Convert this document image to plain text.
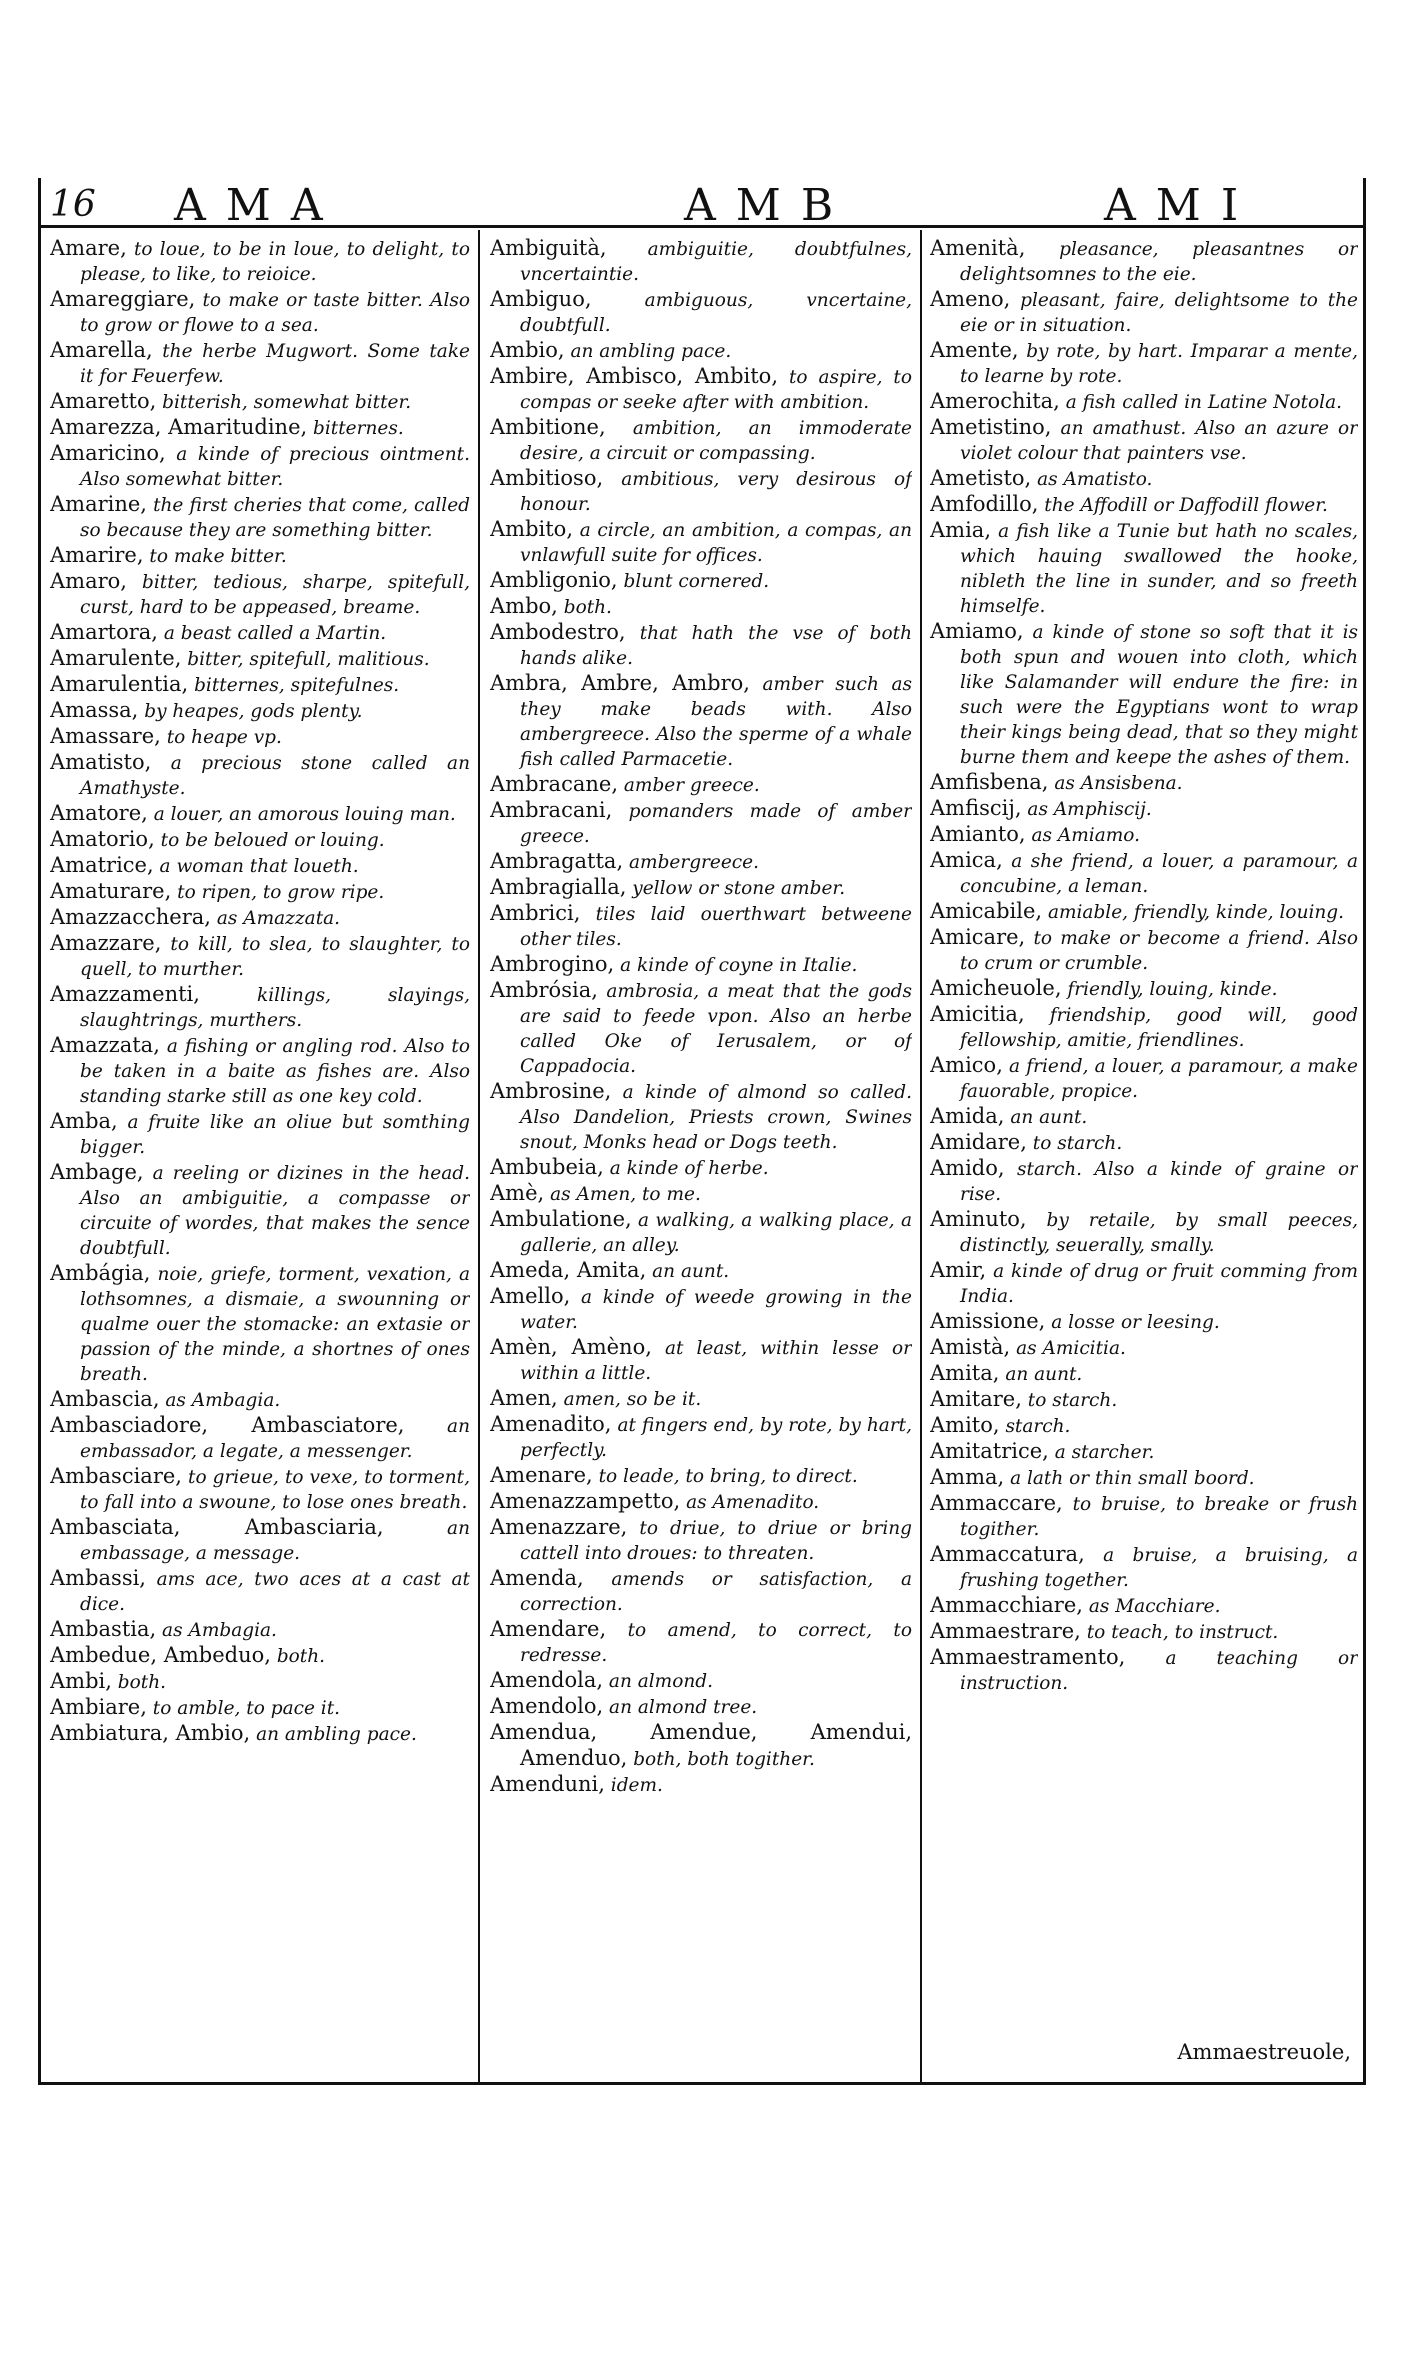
16 AMA	AMB	AMI

Amare, to loue, to be in loue, to delight, to please, to like, to reioice.

Amareggiare, to make or taste bitter. Also to grow or flowe to a sea.

Amarella, the herbe Mugwort. Some take it for Feuerfew.

Amaretto, bitterish, somewhat bitter.

Amarezza, Amaritudine, bitternes.

Amaricino, a kinde of precious ointment. Also somewhat bitter.

Amarine, the first cheries that come, called so because they are something bitter.

Amarire, to make bitter.

Amaro, bitter, tedious, sharpe, spitefull, curst, hard to be appeased, breame.

Amartora, a beast called a Martin.

Amarulente, bitter, spitefull, malitious.

Amarulentia, bitternes, spitefulnes.

Amassa, by heapes, gods plenty.

Amassare, to heape vp.

Amatisto, a precious stone called an Amathyste.

Amatore, a louer, an amorous louing man.

Amatorio, to be beloued or louing.

Amatrice, a woman that loueth.

Amaturare, to ripen, to grow ripe.

Amazzacchera, as Amazzata.

Amazzare, to kill, to slea, to slaughter, to quell, to murther.

Amazzamenti, killings, slayings, slaughtrings, murthers.

Amazzata, a fishing or angling rod. Also to be taken in a baite as fishes are. Also standing starke still as one key cold.

Amba, a fruite like an oliue but somthing bigger.

Ambage, a reeling or dizines in the head. Also an ambiguitie, a compasse or circuite of wordes, that makes the sence doubtfull.

Ambágia, noie, griefe, torment, vexation, a lothsomnes, a dismaie, a swounning or qualme ouer the stomacke: an extasie or passion of the minde, a shortnes of ones breath.

Ambascia, as Ambagia.

Ambasciadore, Ambasciatore, an embassador, a legate, a messenger.

Ambasciare, to grieue, to vexe, to torment, to fall into a swoune, to lose ones breath.

Ambasciata, Ambasciaria, an embassage, a message.

Ambassi, ams ace, two aces at a cast at dice.

Ambastia, as Ambagia.

Ambedue, Ambeduo, both.

Ambi, both.

Ambiare, to amble, to pace it.

Ambiatura, Ambio, an ambling pace.

Ambiguità, ambiguitie, doubtfulnes, vncertaintie.

Ambiguo, ambiguous, vncertaine, doubtfull.

Ambio, an ambling pace.

Ambire, Ambisco, Ambito, to aspire, to compas or seeke after with ambition.

Ambitione, ambition, an immoderate desire, a circuit or compassing.

Ambitioso, ambitious, very desirous of honour.

Ambito, a circle, an ambition, a compas, an vnlawfull suite for offices.

Ambligonio, blunt cornered.

Ambo, both.

Ambodestro, that hath the vse of both hands alike.

Ambra, Ambre, Ambro, amber such as they make beads with. Also ambergreece. Also the sperme of a whale fish called Parmacetie.

Ambracane, amber greece.

Ambracani, pomanders made of amber greece.

Ambragatta, ambergreece.

Ambragialla, yellow or stone amber.

Ambrici, tiles laid ouerthwart betweene other tiles.

Ambrogino, a kinde of coyne in Italie.

Ambrósia, ambrosia, a meat that the gods are said to feede vpon. Also an herbe called Oke of Ierusalem, or of Cappadocia.

Ambrosine, a kinde of almond so called. Also Dandelion, Priests crown, Swines snout, Monks head or Dogs teeth.

Ambubeia, a kinde of herbe.

Amè, as Amen, to me.

Ambulatione, a walking, a walking place, a gallerie, an alley.

Ameda, Amita, an aunt.

Amello, a kinde of weede growing in the water.

Amèn, Amèno, at least, within lesse or within a little.

Amen, amen, so be it.

Amenadito, at fingers end, by rote, by hart, perfectly.

Amenare, to leade, to bring, to direct.

Amenazzampetto, as Amenadito.

Amenazzare, to driue, to driue or bring cattell into droues: to threaten.

Amenda, amends or satisfaction, a correction.

Amendare, to amend, to correct, to redresse.

Amendola, an almond.

Amendolo, an almond tree.

Amendua, Amendue, Amendui, Amenduo, both, both togither.

Amenduni, idem.

Amenità, pleasance, pleasantnes or delightsomnes to the eie.

Ameno, pleasant, faire, delightsome to the eie or in situation.

Amente, by rote, by hart. Imparar a mente, to learne by rote.

Amerochita, a fish called in Latine Notola.

Ametistino, an amathust. Also an azure or violet colour that painters vse.

Ametisto, as Amatisto.

Amfodillo, the Affodill or Daffodill flower.

Amia, a fish like a Tunie but hath no scales, which hauing swallowed the hooke, nibleth the line in sunder, and so freeth himselfe.

Amiamo, a kinde of stone so soft that it is both spun and wouen into cloth, which like Salamander will endure the fire: in such were the Egyptians wont to wrap their kings being dead, that so they might burne them and keepe the ashes of them.

Amfisbena, as Ansisbena.

Amfiscij, as Amphiscij.

Amianto, as Amiamo.

Amica, a she friend, a louer, a paramour, a concubine, a leman.

Amicabile, amiable, friendly, kinde, louing.

Amicare, to make or become a friend. Also to crum or crumble.

Amicheuole, friendly, louing, kinde.

Amicitia, friendship, good will, good fellowship, amitie, friendlines.

Amico, a friend, a louer, a paramour, a make fauorable, propice.

Amida, an aunt.

Amidare, to starch.

Amido, starch. Also a kinde of graine or rise.

Aminuto, by retaile, by small peeces, distinctly, seuerally, smally.

Amir, a kinde of drug or fruit comming from India.

Amissione, a losse or leesing.

Amistà, as Amicitia.

Amita, an aunt.

Amitare, to starch.

Amito, starch.

Amitatrice, a starcher.

Amma, a lath or thin small boord.

Ammaccare, to bruise, to breake or frush togither.

Ammaccatura, a bruise, a bruising, a frushing together.

Ammacchiare, as Macchiare.

Ammaestrare, to teach, to instruct.

Ammaestramento, a teaching or instruction.

Ammaestreuole,
